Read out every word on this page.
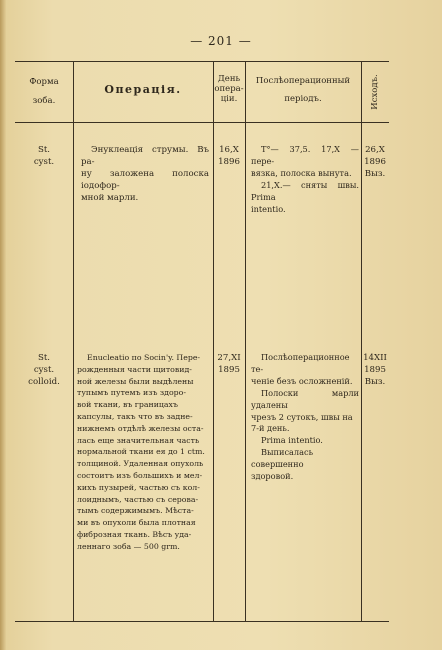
— 201 —
Форма
зоба.
Операція.
День
опера-
ціи.
Послѣоперационный
періодъ.	Исходъ.

St.

cyst.

Энуклеація струмы. Въ ра-

ну заложена полоска іодофор-

мной марли.

16,X

1896

T°— 37,5. 17,X — пере-

вязка, полоска вынута.

21,X.— сняты швы. Prima

intentio.

26,X

1896

Выз.

St.

cyst.

colloid.

Enucleatio по Socin'y. Пере-

рожденныя части щитовид-

ной железы были выдѣлены

тупымъ путемъ изъ здоро-

вой ткани, въ границахъ

капсулы, такъ что въ заднe-

нижнемъ отдѣлѣ железы оста-

лась еще значительная часть

нормальной ткани ея до 1 ctm.

толщиной. Удаленная опухоль

состоитъ изъ большихъ и мел-

кихъ пузырей, частью съ кол-

лоиднымъ, частью съ серова-

тымъ содержимымъ. Мѣстa-

ми въ опухоли была плотная

фиброзная ткань. Вѣсъ уда-

леннаго зоба — 500 grm.

27,XI

1895

Послѣоперационное те-

ченіе безъ осложненій.

Полоски марли удалены

чрезъ 2 сутокъ, швы на

7-й день.

Prima intentio.

Выписалась совершенно

здоровой.

14XII

1895

Выз.
